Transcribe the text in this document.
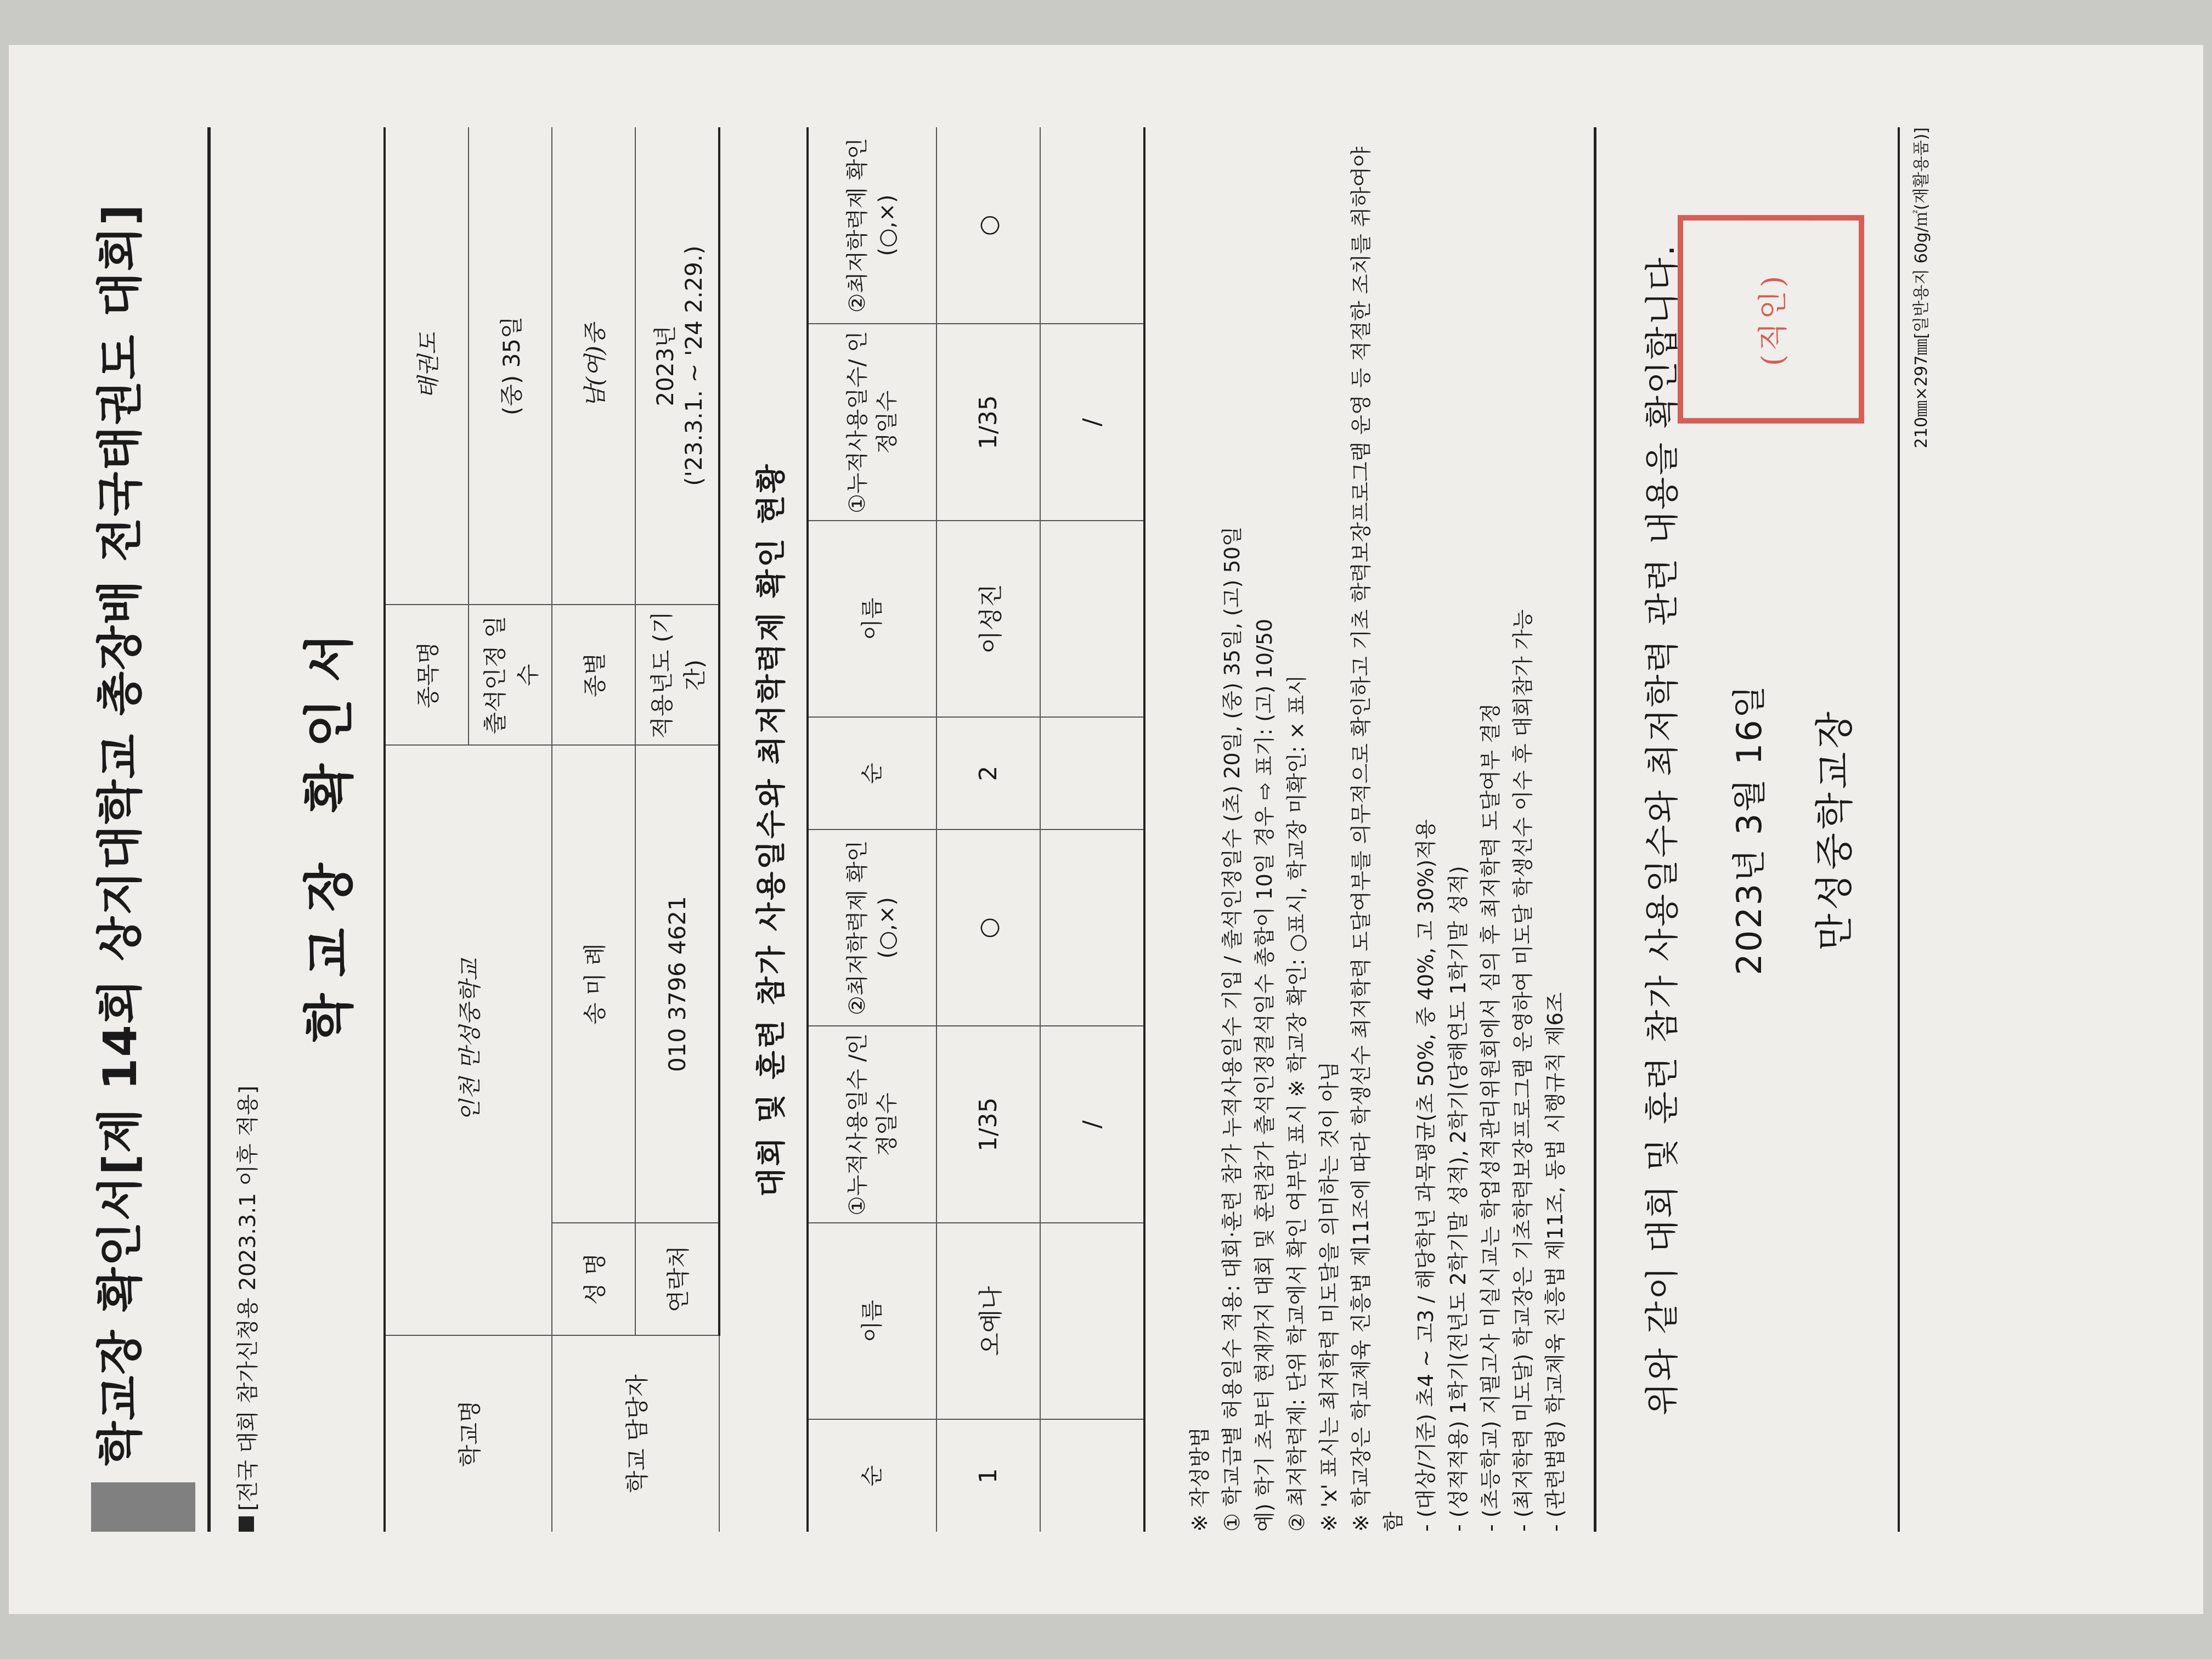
학교장 확인서[제 14회 상지대학교 총장배 전국태권도 대회]	[전국 대회 참가신청용 2023.3.1 이후 적용]
학교장 확인서
학교명	인천 만성중학교		종목명	태권도
			출석인정 일수	(중) 35일
학교 담당자	성 명	송 미 례	종별	남(여)중
	연락처	010 3796 4621	적용년도 (기간)	2023년 ('23.3.1. ~ '24 2.29.)
대회 및 훈련 참가 사용일수와 최저학력제 확인 현황
순	이름	①누적사용일수 /인정일수	②최저학력제 확인(○,×)	순	이름	①누적사용일수/ 인정일수	②최저학력제 확인(○,×)
1	오예나	1/35	○	2	이성진	1/35	○
		/				/	

※ 작성방법 ① 학교급별 허용일수 적용: 대회·훈련 참가 누적사용일수 기입 / 출석인정일수 (초) 20일, (중) 35일, (고) 50일 예) 학기 초부터 현재까지 대회 및 훈련참가 출석인정결석일수 총합이 10일 경우 ⇨ 표기: (고) 10/50 ② 최저학력제: 단위 학교에서 확인 여부만 표시 ※ 학교장 확인: ○표시, 학교장 미확인: × 표시 ※ 'x' 표시는 최저학력 미도달을 의미하는 것이 아님 ※ 학교장은 학교체육 진흥법 제11조에 따라 학생선수 최저학력 도달여부를 의무적으로 확인하고 기초 학력보장프로그램 운영 등 적절한 조치를 취하여야 함 - (대상/기준) 초4 ~ 고3 / 해당학년 과목평균(초 50%, 중 40%, 고 30%)적용 - (성적적용) 1학기(전년도 2학기말 성적), 2학기(당해연도 1학기말 성적) - (초등학교) 지필고사 미실시교는 학업성적관리위원회에서 심의 후 최저학력 도달여부 결정 - (최저학력 미도달) 학교장은 기초학력보장프로그램 운영하여 미도달 학생선수 이수 후 대회참가 가능 - (관련법령) 학교체육 진흥법 제11조, 동법 시행규칙 제6조 위와 같이 대회 및 훈련 참가 사용일수와 최저학력 관련 내용을 확인합니다. 2023년 3월 16일 만성중학교장
(직인)	210㎜×297㎜[일반용지 60g/㎡(재활용품)]
